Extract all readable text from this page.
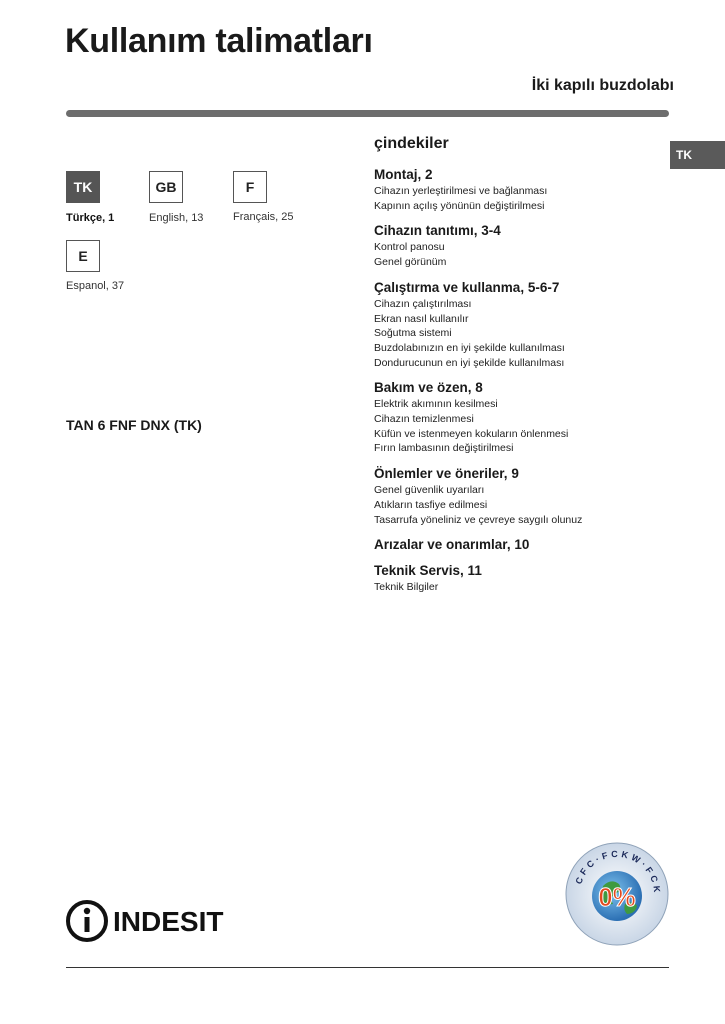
Kullanım talimatları
İki kapılı buzdolabı
TK
TK
Türkçe, 1
GB
English, 13
F
Français, 25
E
Espanol, 37
TAN 6 FNF DNX (TK)
çindekiler
Montaj, 2
Cihazın yerleştirilmesi ve bağlanması
Kapının açılış yönünün değiştirilmesi
Cihazın tanıtımı, 3-4
Kontrol panosu
Genel görünüm
Çalıştırma ve kullanma, 5-6-7
Cihazın çalıştırılması
Ekran nasıl kullanılır
Soğutma sistemi
Buzdolabınızın en iyi şekilde kullanılması
Dondurucunun en iyi şekilde kullanılması
Bakım ve özen, 8
Elektrik akımının kesilmesi
Cihazın temizlenmesi
Küfün ve istenmeyen kokuların önlenmesi
Fırın lambasının değiştirilmesi
Önlemler ve öneriler, 9
Genel güvenlik uyarıları
Atıkların tasfiye edilmesi
Tasarrufa yöneliniz ve çevreye saygılı olunuz
Arızalar ve onarımlar, 10
Teknik Servis, 11
Teknik Bilgiler
INDESIT
CFC·FCKW·FCK
0%
